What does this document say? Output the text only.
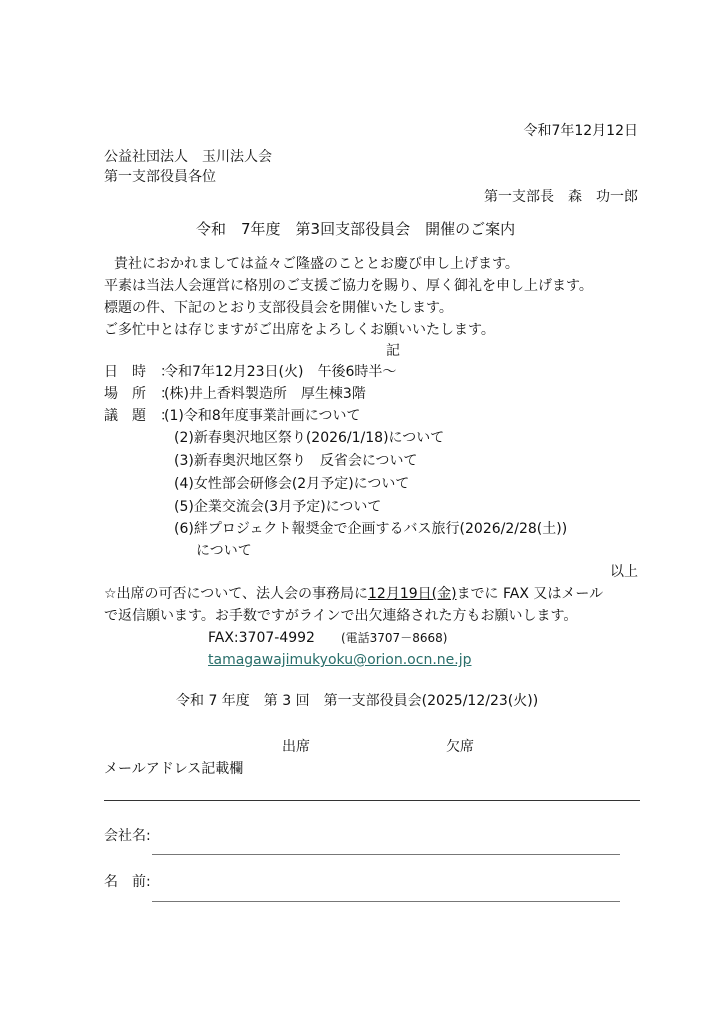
令和7年12月12日
公益社団法人　玉川法人会
第一支部役員各位
第一支部長　森　功一郎
令和　7年度　第3回支部役員会　開催のご案内
貴社におかれましては益々ご隆盛のこととお慶び申し上げます。
平素は当法人会運営に格別のご支援ご協力を賜り、厚く御礼を申し上げます。
標題の件、下記のとおり支部役員会を開催いたします。
ご多忙中とは存じますがご出席をよろしくお願いいたします。
記
日　時　：令和7年12月23日(火)　午後6時半～
場　所　：(株)井上香料製造所　厚生棟3階
議　題　：(1)令和8年度事業計画について
(2)新春奥沢地区祭り(2026/1/18)について
(3)新春奥沢地区祭り　反省会について
(4)女性部会研修会(2月予定)について
(5)企業交流会(3月予定)について
(6)絆プロジェクト報奨金で企画するバス旅行(2026/2/28(土))
について
以上
☆出席の可否について、法人会の事務局に12月19日(金)までに FAX 又はメール
で返信願います。お手数ですがラインで出欠連絡された方もお願いします。
FAX:3707-4992 (電話3707－8668)
tamagawajimukyoku@orion.ocn.ne.jp
令和 7 年度　第 3 回　第一支部役員会(2025/12/23(火))
出席	欠席
メールアドレス記載欄
会社名:
名　前:
